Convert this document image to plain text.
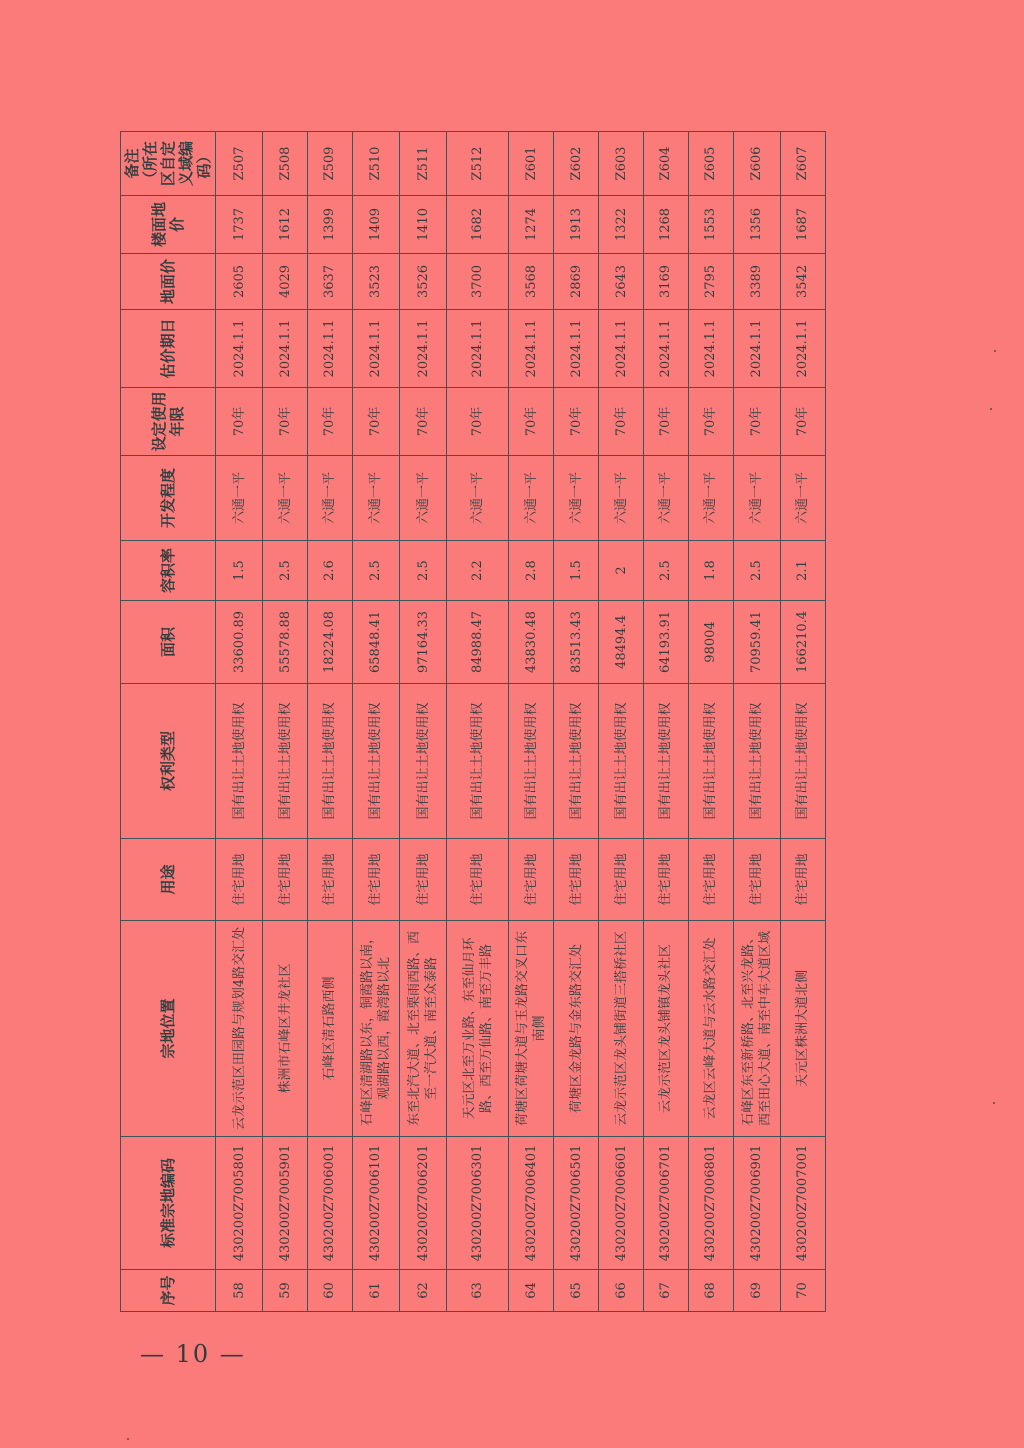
序号	标准宗地编码	宗地位置	用途	权利类型	面积	容积率	开发程度	设定使用年限	估价期日	地面价	楼面地价	备注（所在区自定义域编码）
58	430200Z7005801	云龙示范区田园路与规划4路交汇处	住宅用地	国有出让土地使用权	33600.89	1.5	六通一平	70年	2024.1.1	2605	1737	Z507
59	430200Z7005901	株洲市石峰区井龙社区	住宅用地	国有出让土地使用权	55578.88	2.5	六通一平	70年	2024.1.1	4029	1612	Z508
60	430200Z7006001	石峰区清石路西侧	住宅用地	国有出让土地使用权	18224.08	2.6	六通一平	70年	2024.1.1	3637	1399	Z509
61	430200Z7006101	石峰区清湖路以东，铜霞路以南，观湖路以西，霞湾路以北	住宅用地	国有出让土地使用权	65848.41	2.5	六通一平	70年	2024.1.1	3523	1409	Z510
62	430200Z7006201	东至北汽大道、北至栗雨西路、西至一汽大道、南至众泰路	住宅用地	国有出让土地使用权	97164.33	2.5	六通一平	70年	2024.1.1	3526	1410	Z511
63	430200Z7006301	天元区北至万业路、东至仙月环路、西至万仙路、南至万丰路	住宅用地	国有出让土地使用权	84988.47	2.2	六通一平	70年	2024.1.1	3700	1682	Z512
64	430200Z7006401	荷塘区荷塘大道与玉龙路交叉口东南侧	住宅用地	国有出让土地使用权	43830.48	2.8	六通一平	70年	2024.1.1	3568	1274	Z601
65	430200Z7006501	荷塘区金龙路与金东路交汇处	住宅用地	国有出让土地使用权	83513.43	1.5	六通一平	70年	2024.1.1	2869	1913	Z602
66	430200Z7006601	云龙示范区龙头铺街道三搭桥社区	住宅用地	国有出让土地使用权	48494.4	2	六通一平	70年	2024.1.1	2643	1322	Z603
67	430200Z7006701	云龙示范区龙头铺镇龙头社区	住宅用地	国有出让土地使用权	64193.91	2.5	六通一平	70年	2024.1.1	3169	1268	Z604
68	430200Z7006801	云龙区云峰大道与云水路交汇处	住宅用地	国有出让土地使用权	98004	1.8	六通一平	70年	2024.1.1	2795	1553	Z605
69	430200Z7006901	石峰区东至新桥路、北至兴龙路、西至田心大道、南至中车大道区域	住宅用地	国有出让土地使用权	70959.41	2.5	六通一平	70年	2024.1.1	3389	1356	Z606
70	430200Z7007001	天元区株洲大道北侧	住宅用地	国有出让土地使用权	166210.4	2.1	六通一平	70年	2024.1.1	3542	1687	Z607
— 10 —
